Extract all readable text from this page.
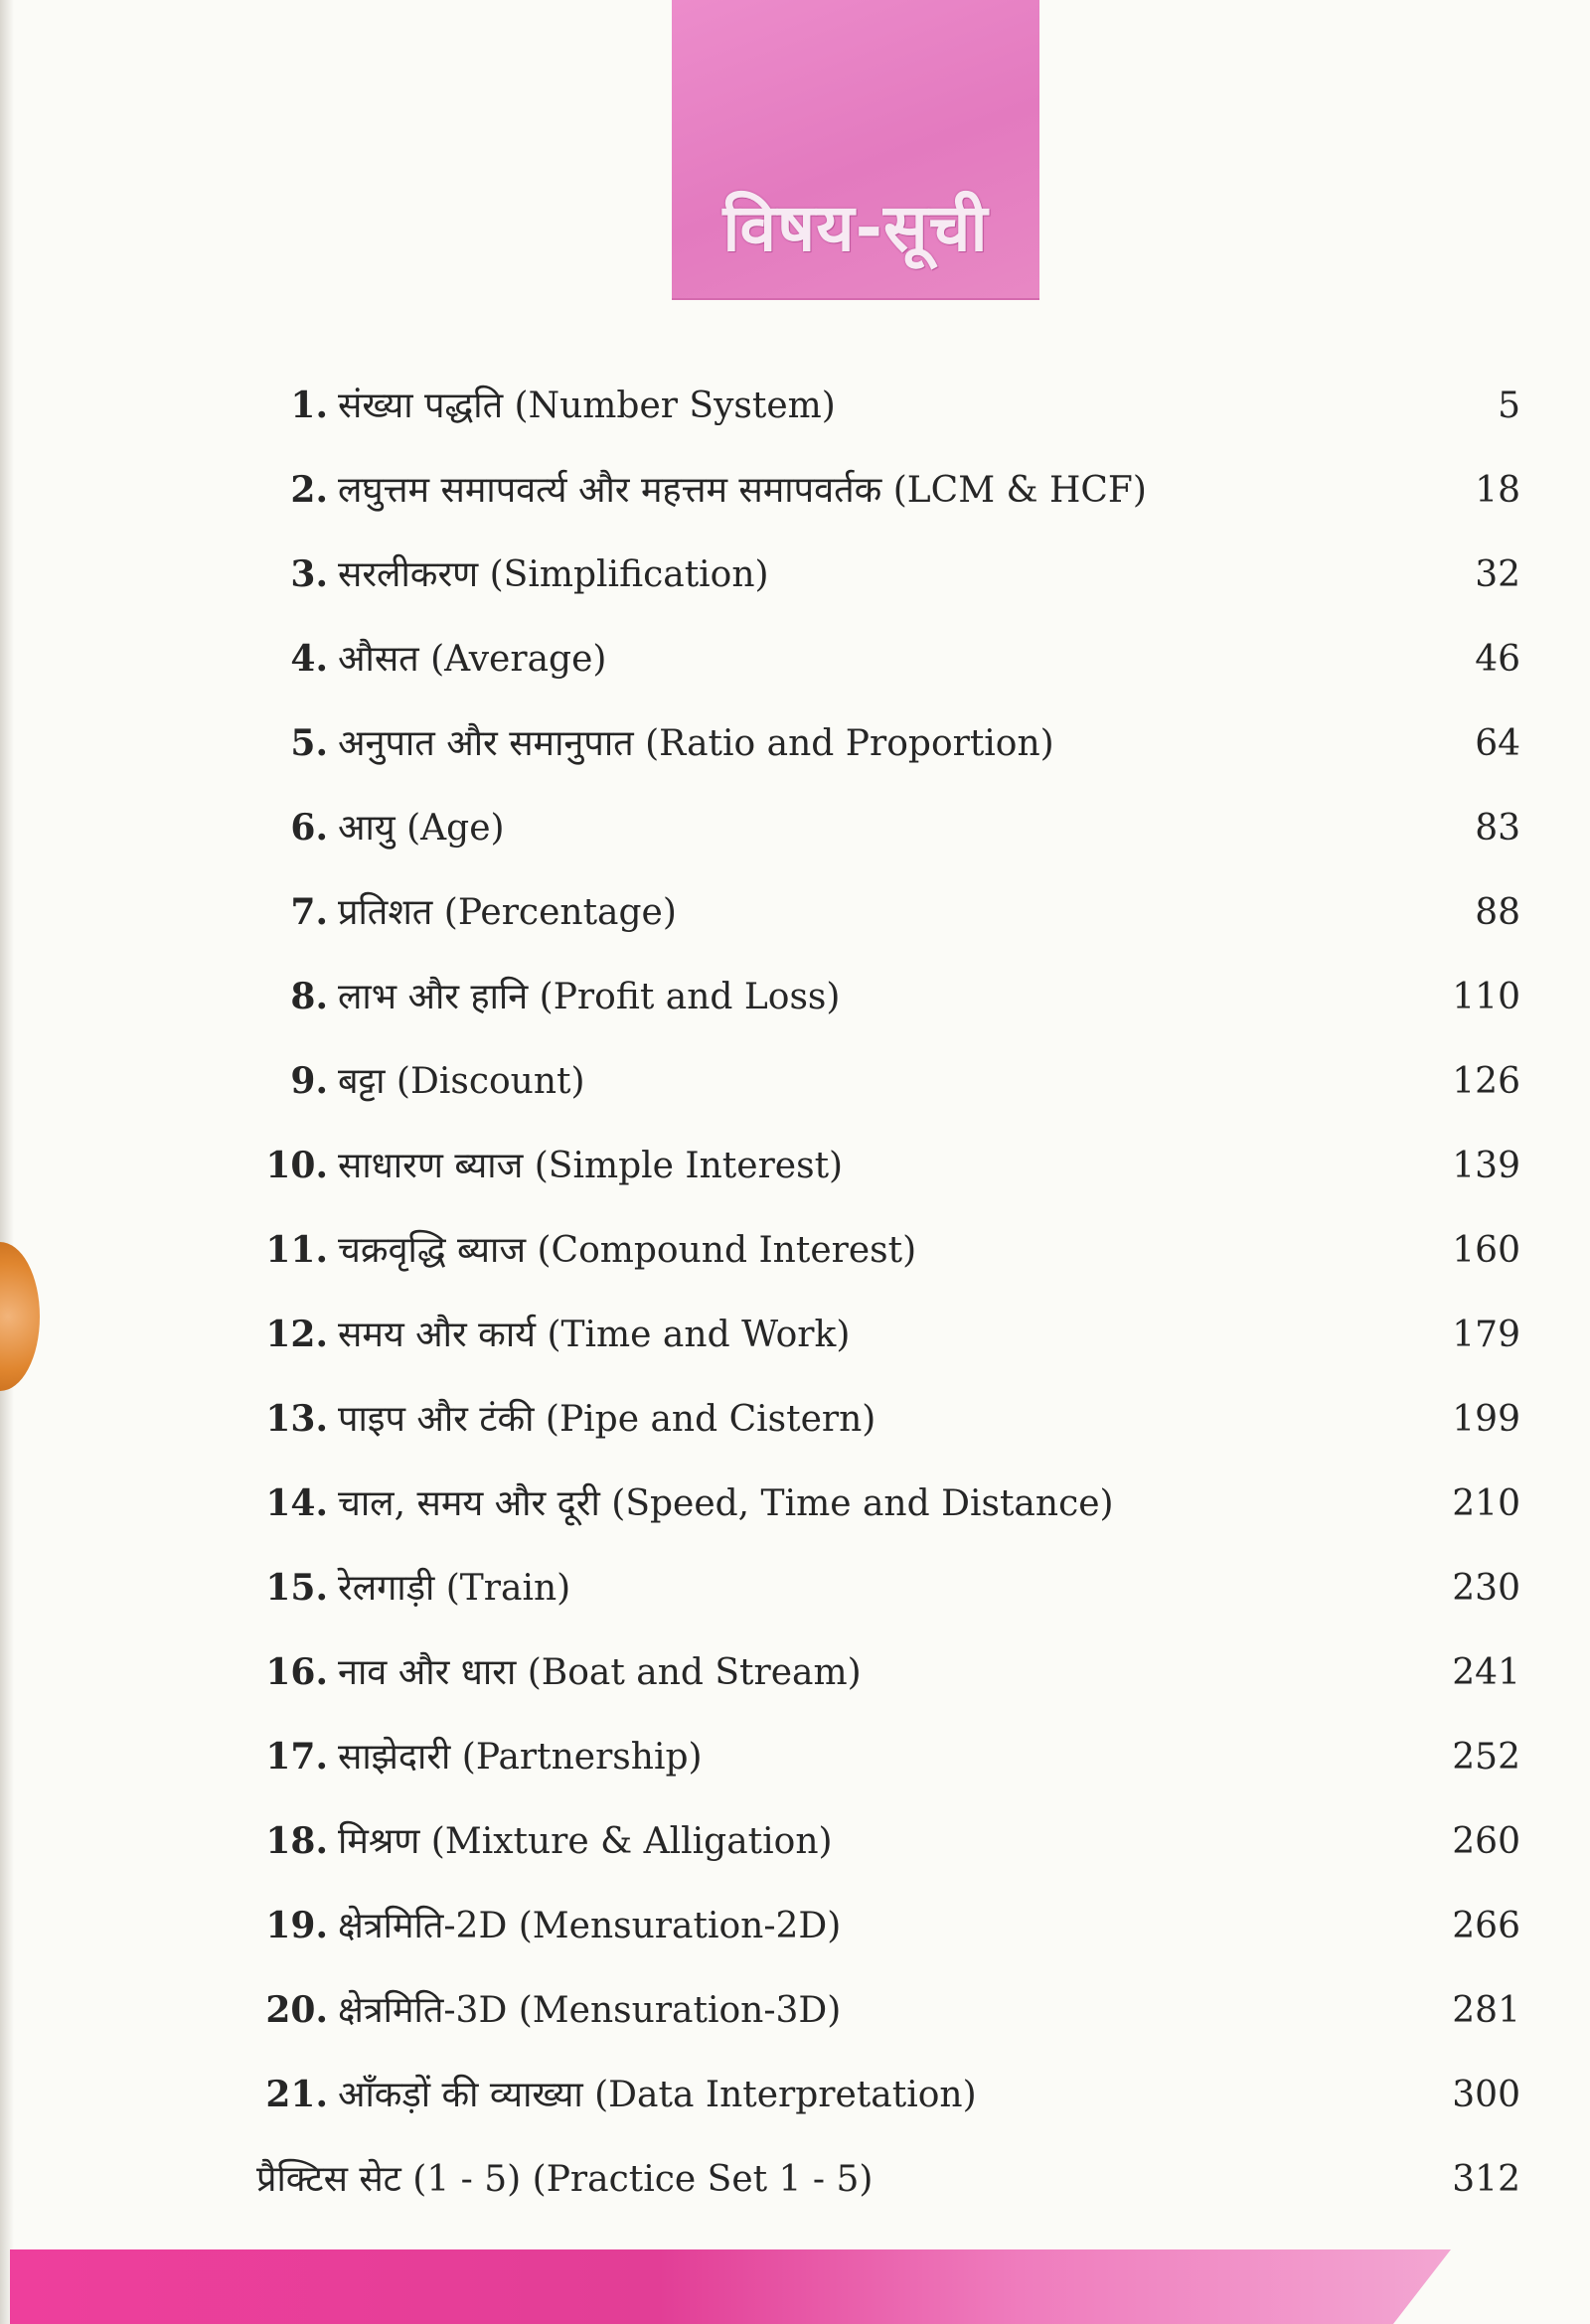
विषय-सूची
1. संख्या पद्धति (Number System)	5
2. लघुत्तम समापवर्त्य और महत्तम समापवर्तक (LCM & HCF)	18
3. सरलीकरण (Simplification)	32
4. औसत (Average)	46
5. अनुपात और समानुपात (Ratio and Proportion)	64
6. आयु (Age)	83
7. प्रतिशत (Percentage)	88
8. लाभ और हानि (Profit and Loss)	110
9. बट्टा (Discount)	126
10. साधारण ब्याज (Simple Interest)	139
11. चक्रवृद्धि ब्याज (Compound Interest)	160
12. समय और कार्य (Time and Work)	179
13. पाइप और टंकी (Pipe and Cistern)	199
14. चाल, समय और दूरी (Speed, Time and Distance)	210
15. रेलगाड़ी (Train)	230
16. नाव और धारा (Boat and Stream)	241
17. साझेदारी (Partnership)	252
18. मिश्रण (Mixture & Alligation)	260
19. क्षेत्रमिति-2D (Mensuration-2D)	266
20. क्षेत्रमिति-3D (Mensuration-3D)	281
21. आँकड़ों की व्याख्या (Data Interpretation)	300
प्रैक्टिस सेट (1 - 5) (Practice Set 1 - 5)	312
